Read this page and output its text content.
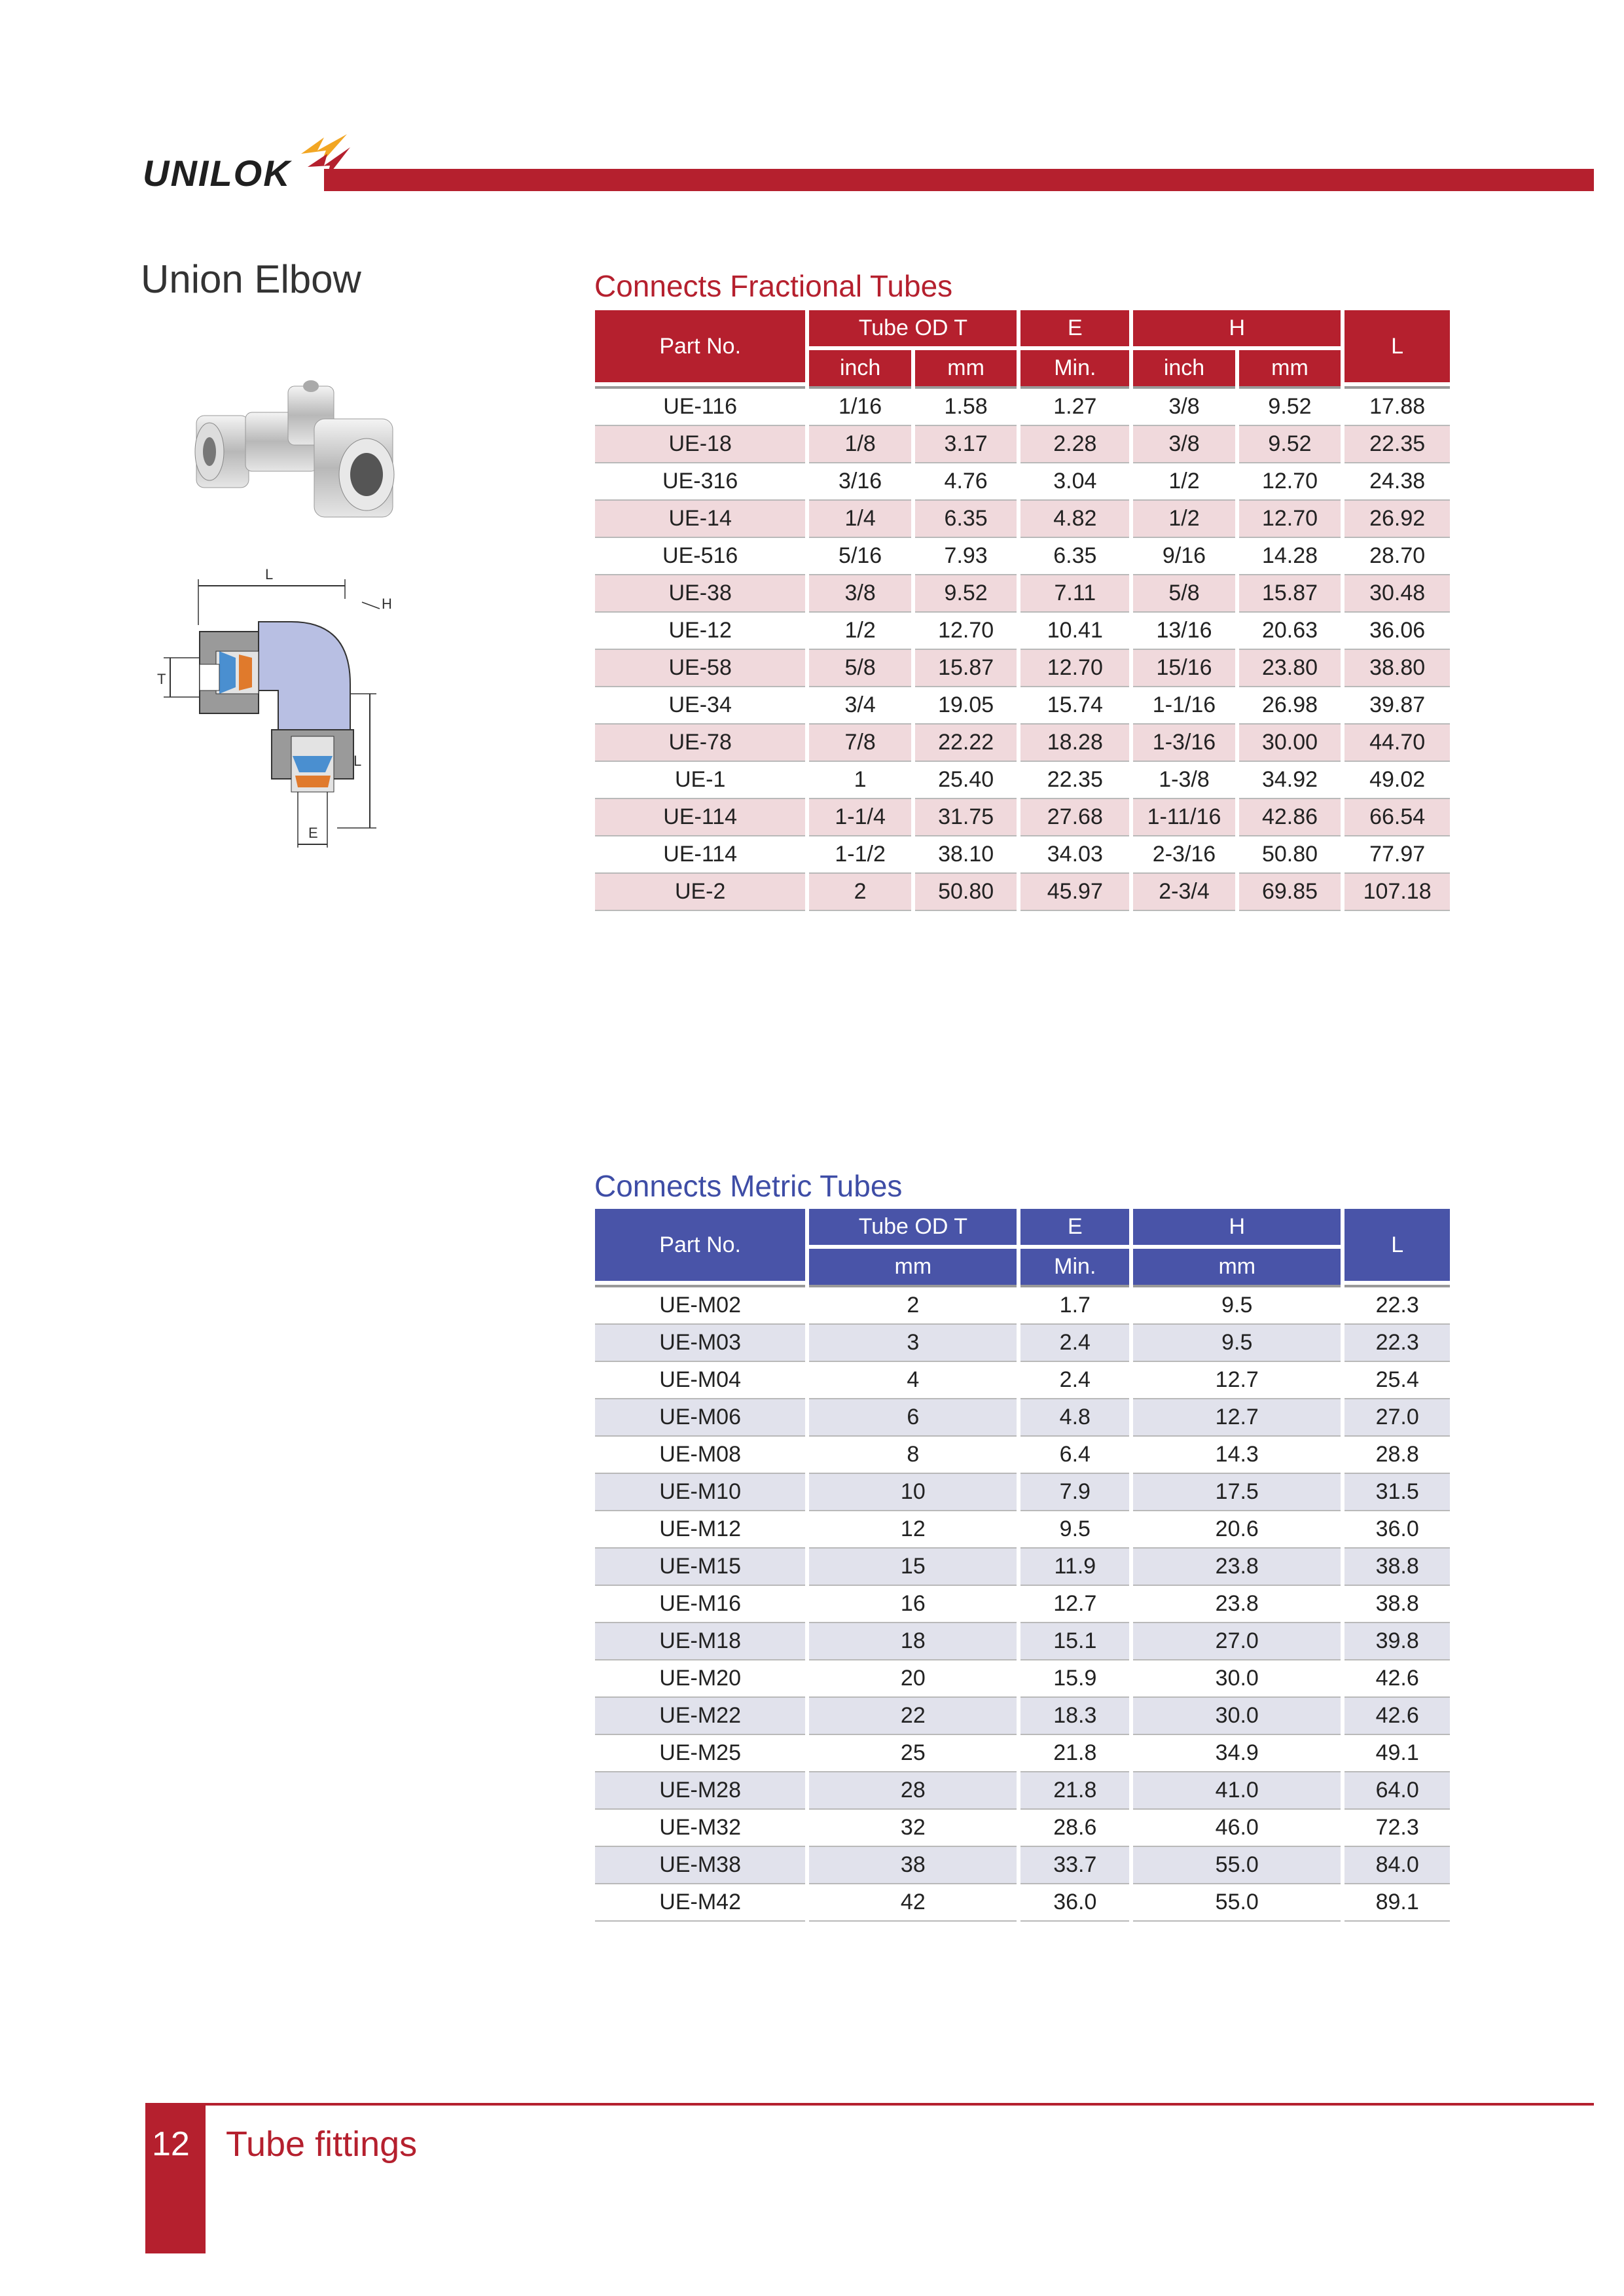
UNILOK
Union Elbow
L
H
T
L
E
Connects Fractional Tubes
Part No.	Tube OD T		E	H		L
	inch	mm	Min.	inch	mm	
UE-116	1/16	1.58	1.27	3/8	9.52	17.88
UE-18	1/8	3.17	2.28	3/8	9.52	22.35
UE-316	3/16	4.76	3.04	1/2	12.70	24.38
UE-14	1/4	6.35	4.82	1/2	12.70	26.92
UE-516	5/16	7.93	6.35	9/16	14.28	28.70
UE-38	3/8	9.52	7.11	5/8	15.87	30.48
UE-12	1/2	12.70	10.41	13/16	20.63	36.06
UE-58	5/8	15.87	12.70	15/16	23.80	38.80
UE-34	3/4	19.05	15.74	1-1/16	26.98	39.87
UE-78	7/8	22.22	18.28	1-3/16	30.00	44.70
UE-1	1	25.40	22.35	1-3/8	34.92	49.02
UE-114	1-1/4	31.75	27.68	1-11/16	42.86	66.54
UE-114	1-1/2	38.10	34.03	2-3/16	50.80	77.97
UE-2	2	50.80	45.97	2-3/4	69.85	107.18
Connects Metric Tubes
Part No.	Tube OD T	E	H	L
	mm	Min.	mm	
UE-M02	2	1.7	9.5	22.3
UE-M03	3	2.4	9.5	22.3
UE-M04	4	2.4	12.7	25.4
UE-M06	6	4.8	12.7	27.0
UE-M08	8	6.4	14.3	28.8
UE-M10	10	7.9	17.5	31.5
UE-M12	12	9.5	20.6	36.0
UE-M15	15	11.9	23.8	38.8
UE-M16	16	12.7	23.8	38.8
UE-M18	18	15.1	27.0	39.8
UE-M20	20	15.9	30.0	42.6
UE-M22	22	18.3	30.0	42.6
UE-M25	25	21.8	34.9	49.1
UE-M28	28	21.8	41.0	64.0
UE-M32	32	28.6	46.0	72.3
UE-M38	38	33.7	55.0	84.0
UE-M42	42	36.0	55.0	89.1
12 Tube fittings
